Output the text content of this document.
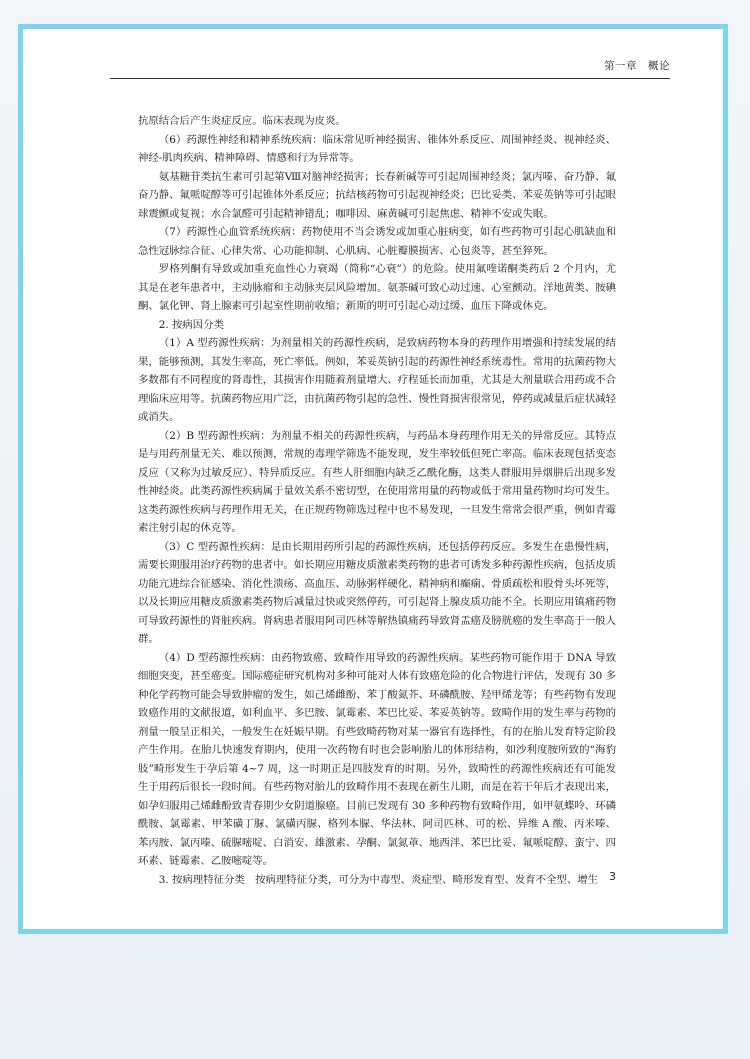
第一章　概论

抗原结合后产生炎症反应。临床表现为皮炎。

（6）药源性神经和精神系统疾病：临床常见听神经损害、锥体外系反应、周围神经炎、视神经炎、神经-肌肉疾病、精神障碍、情感和行为异常等。

氨基糖苷类抗生素可引起第Ⅷ对脑神经损害；长春新碱等可引起周围神经炎；氯丙嗪、奋乃静、氟奋乃静、氟哌啶醇等可引起锥体外系反应；抗结核药物可引起视神经炎；巴比妥类、苯妥英钠等可引起眼球震颤或复视；水合氯醛可引起精神错乱；咖啡因、麻黄碱可引起焦虑、精神不安或失眠。

（7）药源性心血管系统疾病：药物使用不当会诱发或加重心脏病变，如有些药物可引起心肌缺血和急性冠脉综合征、心律失常、心功能抑制、心肌病、心脏瓣膜损害、心包炎等，甚至猝死。

罗格列酮有导致或加重充血性心力衰竭（简称“心衰”）的危险。使用氟喹诺酮类药后 2 个月内，尤其是在老年患者中，主动脉瘤和主动脉夹层风险增加。氨茶碱可致心动过速、心室颤动。洋地黄类、胺碘酮、氯化钾、肾上腺素可引起室性期前收缩；新斯的明可引起心动过缓、血压下降或休克。

2. 按病因分类

（1）A 型药源性疾病：为剂量相关的药源性疾病，是致病药物本身的药理作用增强和持续发展的结果，能够预测，其发生率高，死亡率低。例如，苯妥英钠引起的药源性神经系统毒性。常用的抗菌药物大多数都有不同程度的肾毒性，其损害作用随着剂量增大、疗程延长而加重，尤其是大剂量联合用药或不合理临床应用等。抗菌药物应用广泛，由抗菌药物引起的急性、慢性肾损害很常见，停药或减量后症状减轻或消失。

（2）B 型药源性疾病：为剂量不相关的药源性疾病，与药品本身药理作用无关的异常反应。其特点是与用药剂量无关、难以预测，常规的毒理学筛选不能发现，发生率较低但死亡率高。临床表现包括变态反应（又称为过敏反应）、特异质反应。有些人肝细胞内缺乏乙酰化酶，这类人群服用异烟肼后出现多发性神经炎。此类药源性疾病属于量效关系不密切型，在使用常用量的药物或低于常用量药物时均可发生。这类药源性疾病与药理作用无关，在正规药物筛选过程中也不易发现，一旦发生常常会很严重，例如青霉素注射引起的休克等。

（3）C 型药源性疾病：是由长期用药所引起的药源性疾病，还包括停药反应。多发生在患慢性病，需要长期服用治疗药物的患者中。如长期应用糖皮质激素类药物的患者可诱发多种药源性疾病，包括皮质功能亢进综合征感染、消化性溃疡、高血压、动脉粥样硬化、精神病和癫痫、骨质疏松和股骨头坏死等，以及长期应用糖皮质激素类药物后减量过快或突然停药，可引起肾上腺皮质功能不全。长期应用镇痛药物可导致药源性的肾脏疾病。肾病患者服用阿司匹林等解热镇痛药导致肾盂癌及膀胱癌的发生率高于一般人群。

（4）D 型药源性疾病：由药物致癌、致畸作用导致的药源性疾病。某些药物可能作用于 DNA 导致细胞突变，甚至癌变。国际癌症研究机构对多种可能对人体有致癌危险的化合物进行评估，发现有 30 多种化学药物可能会导致肿瘤的发生，如己烯雌酚、苯丁酸氮芥、环磷酰胺、羟甲烯龙等；有些药物有发现致癌作用的文献报道，如利血平、多巴胺、氯霉素、苯巴比妥、苯妥英钠等。致畸作用的发生率与药物的剂量一般呈正相关，一般发生在妊娠早期。有些致畸药物对某一器官有选择性，有的在胎儿发育特定阶段产生作用。在胎儿快速发育期内，使用一次药物有时也会影响胎儿的体形结构，如沙利度胺所致的“海豹肢”畸形发生于孕后第 4~7 周，这一时期正是四肢发育的时期。另外，致畸性的药源性疾病还有可能发生于用药后很长一段时间。有些药物对胎儿的致畸作用不表现在新生儿期，而是在若干年后才表现出来，如孕妇服用己烯雌酚致青春期少女阴道腺癌。目前已发现有 30 多种药物有致畸作用，如甲氨蝶呤、环磷酰胺、氯霉素、甲苯磺丁脲、氯磺丙脲、格列本脲、华法林、阿司匹林、可的松、异维 A 酸、丙米嗪、苯丙胺、氯丙嗪、硫脲嘧啶、白消安、雄激素、孕酮、氯氮䓬、地西泮、苯巴比妥、氟哌啶醇、蛮宁、四环素、链霉素、乙胺嘧啶等。

3. 按病理特征分类　按病理特征分类，可分为中毒型、炎症型、畸形发育型、发育不全型、增生 3
